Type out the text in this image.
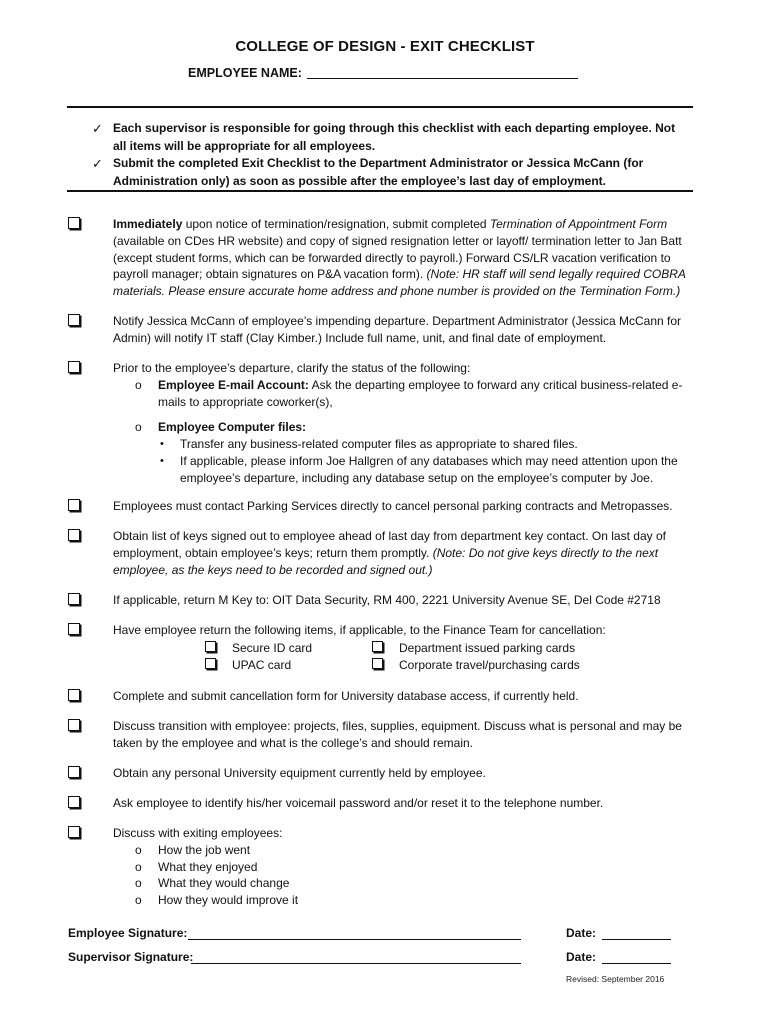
COLLEGE OF DESIGN - EXIT CHECKLIST
EMPLOYEE NAME:
✓ Each supervisor is responsible for going through this checklist with each departing employee. Not all items will be appropriate for all employees.
✓ Submit the completed Exit Checklist to the Department Administrator or Jessica McCann (for Administration only) as soon as possible after the employee’s last day of employment.
Immediately upon notice of termination/resignation, submit completed Termination of Appointment Form (available on CDes HR website) and copy of signed resignation letter or layoff/ termination letter to Jan Batt (except student forms, which can be forwarded directly to payroll.) Forward CS/LR vacation verification to payroll manager; obtain signatures on P&A vacation form). (Note: HR staff will send legally required COBRA materials. Please ensure accurate home address and phone number is provided on the Termination Form.)
Notify Jessica McCann of employee’s impending departure. Department Administrator (Jessica McCann for Admin) will notify IT staff (Clay Kimber.) Include full name, unit, and final date of employment.
Prior to the employee’s departure, clarify the status of the following:
o Employee E-mail Account: Ask the departing employee to forward any critical business-related e-mails to appropriate coworker(s),
o Employee Computer files:
• Transfer any business-related computer files as appropriate to shared files.
• If applicable, please inform Joe Hallgren of any databases which may need attention upon the employee’s departure, including any database setup on the employee’s computer by Joe.
Employees must contact Parking Services directly to cancel personal parking contracts and Metropasses.
Obtain list of keys signed out to employee ahead of last day from department key contact. On last day of employment, obtain employee’s keys; return them promptly. (Note: Do not give keys directly to the next employee, as the keys need to be recorded and signed out.)
If applicable, return M Key to: OIT Data Security, RM 400, 2221 University Avenue SE, Del Code #2718
Have employee return the following items, if applicable, to the Finance Team for cancellation:
Secure ID card	Department issued parking cards
UPAC card	Corporate travel/purchasing cards
Complete and submit cancellation form for University database access, if currently held.
Discuss transition with employee: projects, files, supplies, equipment. Discuss what is personal and may be taken by the employee and what is the college’s and should remain.
Obtain any personal University equipment currently held by employee.
Ask employee to identify his/her voicemail password and/or reset it to the telephone number.
Discuss with exiting employees:
o How the job went
o What they enjoyed
o What they would change
o How they would improve it
Employee Signature:	Date:
Supervisor Signature:	Date:
Revised: September 2016
